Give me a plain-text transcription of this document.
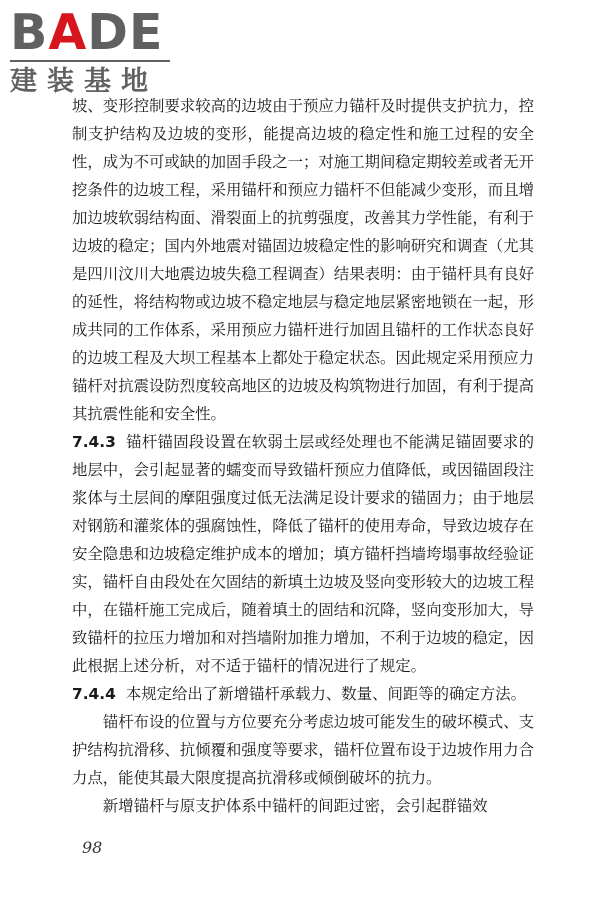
BADE
建装基地

坡、变形控制要求较高的边坡由于预应力锚杆及时提供支护抗力，控制支护结构及边坡的变形，能提高边坡的稳定性和施工过程的安全性，成为不可或缺的加固手段之一；对施工期间稳定期较差或者无开挖条件的边坡工程，采用锚杆和预应力锚杆不但能减少变形，而且增加边坡软弱结构面、滑裂面上的抗剪强度，改善其力学性能，有利于边坡的稳定；国内外地震对锚固边坡稳定性的影响研究和调查（尤其是四川汶川大地震边坡失稳工程调查）结果表明：由于锚杆具有良好的延性，将结构物或边坡不稳定地层与稳定地层紧密地锁在一起，形成共同的工作体系，采用预应力锚杆进行加固且锚杆的工作状态良好的边坡工程及大坝工程基本上都处于稳定状态。因此规定采用预应力锚杆对抗震设防烈度较高地区的边坡及构筑物进行加固，有利于提高其抗震性能和安全性。

7.4.3 锚杆锚固段设置在软弱土层或经处理也不能满足锚固要求的地层中，会引起显著的蠕变而导致锚杆预应力值降低，或因锚固段注浆体与土层间的摩阻强度过低无法满足设计要求的锚固力；由于地层对钢筋和灌浆体的强腐蚀性，降低了锚杆的使用寿命，导致边坡存在安全隐患和边坡稳定维护成本的增加；填方锚杆挡墙垮塌事故经验证实，锚杆自由段处在欠固结的新填土边坡及竖向变形较大的边坡工程中，在锚杆施工完成后，随着填土的固结和沉降，竖向变形加大，导致锚杆的拉压力增加和对挡墙附加推力增加，不利于边坡的稳定，因此根据上述分析，对不适于锚杆的情况进行了规定。

7.4.4 本规定给出了新增锚杆承载力、数量、间距等的确定方法。

锚杆布设的位置与方位要充分考虑边坡可能发生的破坏模式、支护结构抗滑移、抗倾覆和强度等要求，锚杆位置布设于边坡作用力合力点，能使其最大限度提高抗滑移或倾倒破坏的抗力。

新增锚杆与原支护体系中锚杆的间距过密，会引起群锚效

98
